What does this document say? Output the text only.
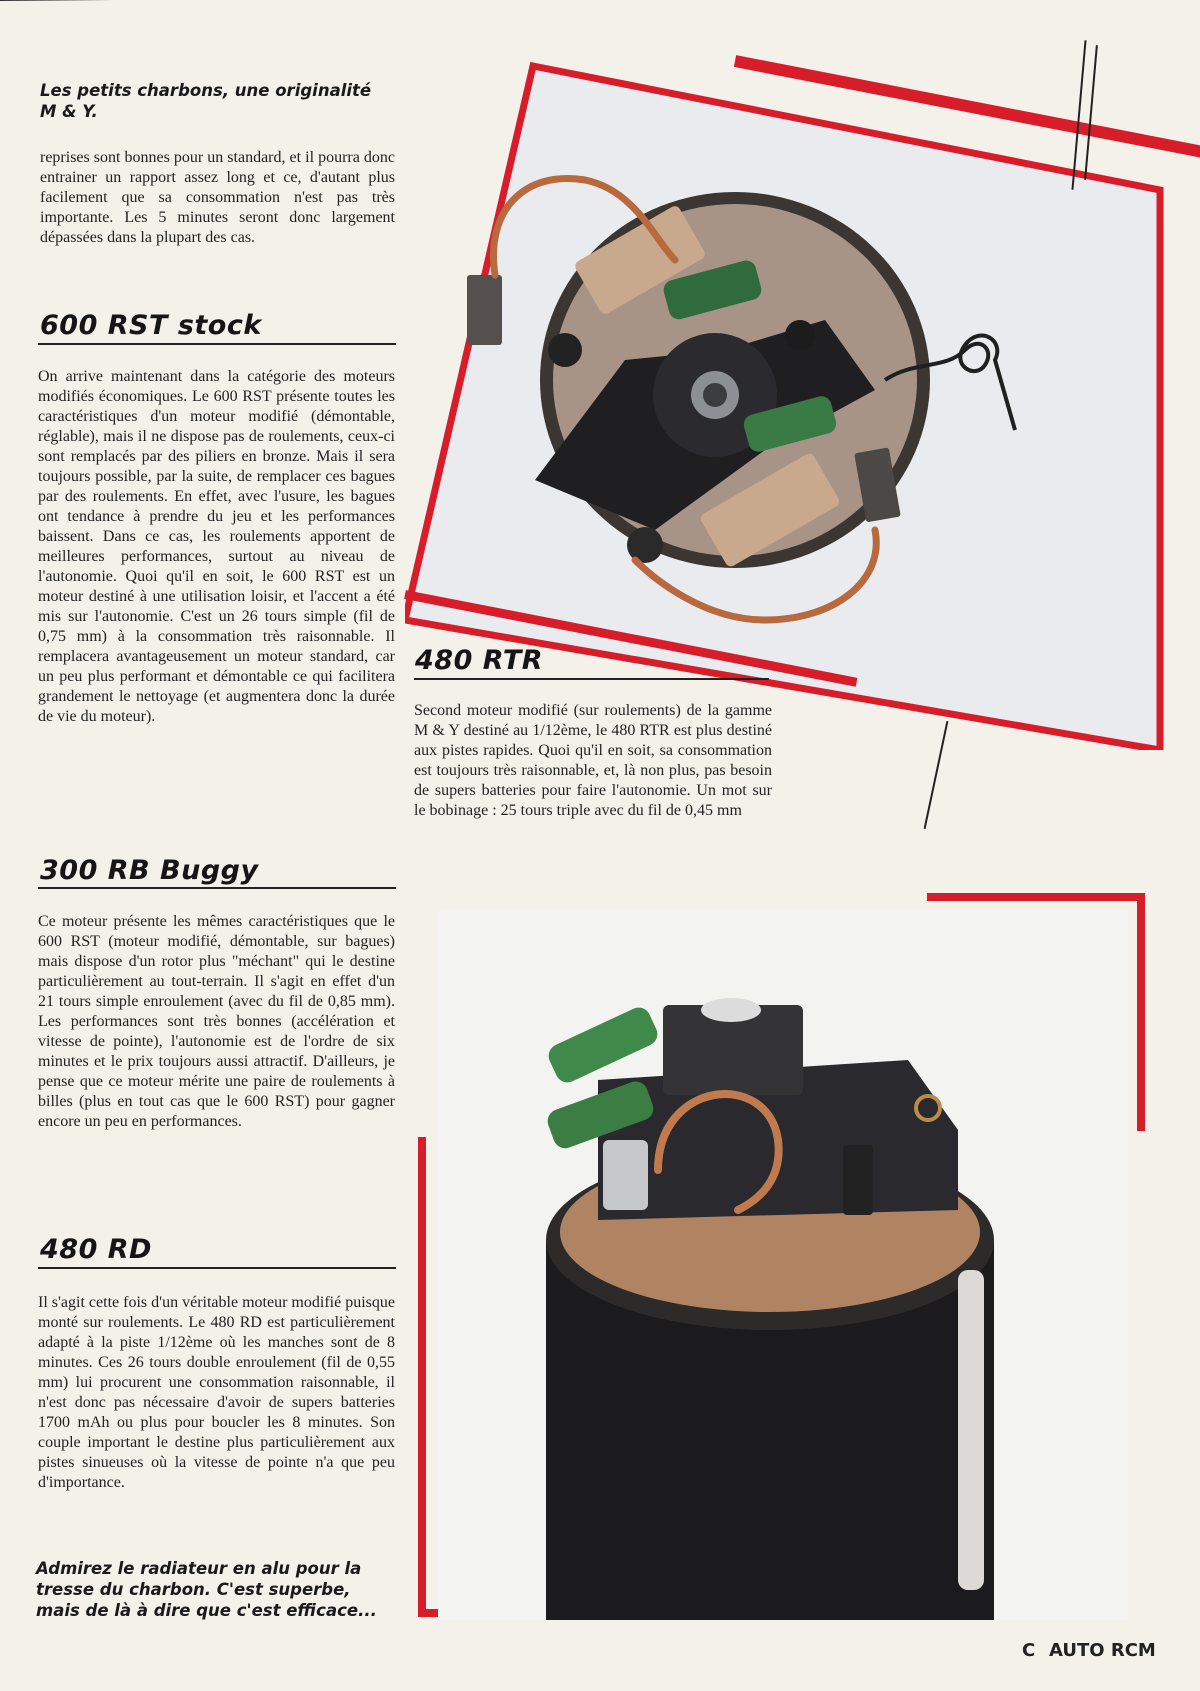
Les petits charbons, une originalité M & Y.
reprises sont bonnes pour un standard, et il pourra donc entrainer un rapport assez long et ce, d'autant plus facilement que sa consommation n'est pas très importante. Les 5 minutes seront donc largement dépassées dans la plupart des cas.
600 RST stock
On arrive maintenant dans la catégorie des moteurs modifiés économiques. Le 600 RST présente toutes les caractéristiques d'un moteur modifié (démontable, réglable), mais il ne dispose pas de roulements, ceux-ci sont remplacés par des piliers en bronze. Mais il sera toujours possible, par la suite, de remplacer ces bagues par des roulements. En effet, avec l'usure, les bagues ont tendance à prendre du jeu et les performances baissent. Dans ce cas, les roulements apportent de meilleures performances, surtout au niveau de l'autonomie. Quoi qu'il en soit, le 600 RST est un moteur destiné à une utilisation loisir, et l'accent a été mis sur l'autonomie. C'est un 26 tours simple (fil de 0,75 mm) à la consommation très raisonnable. Il remplacera avantageusement un moteur standard, car un peu plus performant et démontable ce qui facilitera grandement le nettoyage (et augmentera donc la durée de vie du moteur).
300 RB Buggy
Ce moteur présente les mêmes caractéristiques que le 600 RST (moteur modifié, démontable, sur bagues) mais dispose d'un rotor plus "méchant" qui le destine particulièrement au tout-terrain. Il s'agit en effet d'un 21 tours simple enroulement (avec du fil de 0,85 mm). Les performances sont très bonnes (accélération et vitesse de pointe), l'autonomie est de l'ordre de six minutes et le prix toujours aussi attractif. D'ailleurs, je pense que ce moteur mérite une paire de roulements à billes (plus en tout cas que le 600 RST) pour gagner encore un peu en performances.
480 RD
Il s'agit cette fois d'un véritable moteur modifié puisque monté sur roulements. Le 480 RD est particulièrement adapté à la piste 1/12ème où les manches sont de 8 minutes. Ces 26 tours double enroulement (fil de 0,55 mm) lui procurent une consommation raisonnable, il n'est donc pas nécessaire d'avoir de supers batteries 1700 mAh ou plus pour boucler les 8 minutes. Son couple important le destine plus particulièrement aux pistes sinueuses où la vitesse de pointe n'a que peu d'importance.
Admirez le radiateur en alu pour la tresse du charbon. C'est superbe, mais de là à dire que c'est efficace...
480 RTR
Second moteur modifié (sur roulements) de la gamme M & Y destiné au 1/12ème, le 480 RTR est plus destiné aux pistes rapides. Quoi qu'il en soit, sa consommation est toujours très raisonnable, et, là non plus, pas besoin de supers batteries pour faire l'autonomie. Un mot sur le bobinage : 25 tours triple avec du fil de 0,45 mm
C AUTO RCM
